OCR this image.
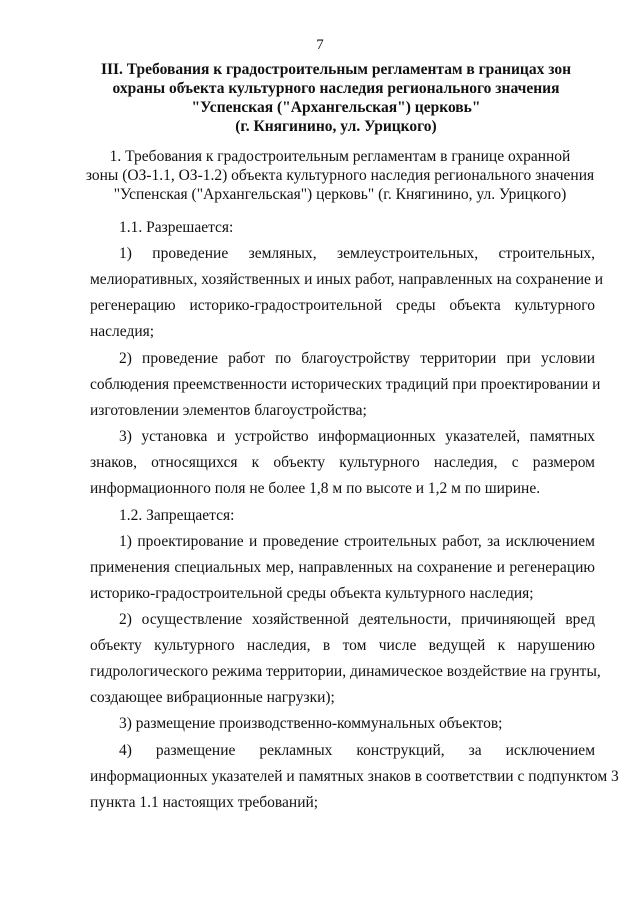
7
III. Требования к градостроительным регламентам в границах зон
охраны объекта культурного наследия регионального значения
"Успенская ("Архангельская") церковь"
(г. Княгинино, ул. Урицкого)
1. Требования к градостроительным регламентам в границе охранной
зоны (ОЗ-1.1, ОЗ-1.2) объекта культурного наследия регионального значения
"Успенская ("Архангельская") церковь" (г. Княгинино, ул. Урицкого)
1.1. Разрешается:
1) проведение земляных, землеустроительных, строительных,
мелиоративных, хозяйственных и иных работ, направленных на сохранение и
регенерацию историко-градостроительной среды объекта культурного
наследия;
2) проведение работ по благоустройству территории при условии
соблюдения преемственности исторических традиций при проектировании и
изготовлении элементов благоустройства;
3) установка и устройство информационных указателей, памятных
знаков, относящихся к объекту культурного наследия, с размером
информационного поля не более 1,8 м по высоте и 1,2 м по ширине.
1.2. Запрещается:
1) проектирование и проведение строительных работ, за исключением
применения специальных мер, направленных на сохранение и регенерацию
историко-градостроительной среды объекта культурного наследия;
2) осуществление хозяйственной деятельности, причиняющей вред
объекту культурного наследия, в том числе ведущей к нарушению
гидрологического режима территории, динамическое воздействие на грунты,
создающее вибрационные нагрузки);
3) размещение производственно-коммунальных объектов;
4) размещение рекламных конструкций, за исключением
информационных указателей и памятных знаков в соответствии с подпунктом 3
пункта 1.1 настоящих требований;
